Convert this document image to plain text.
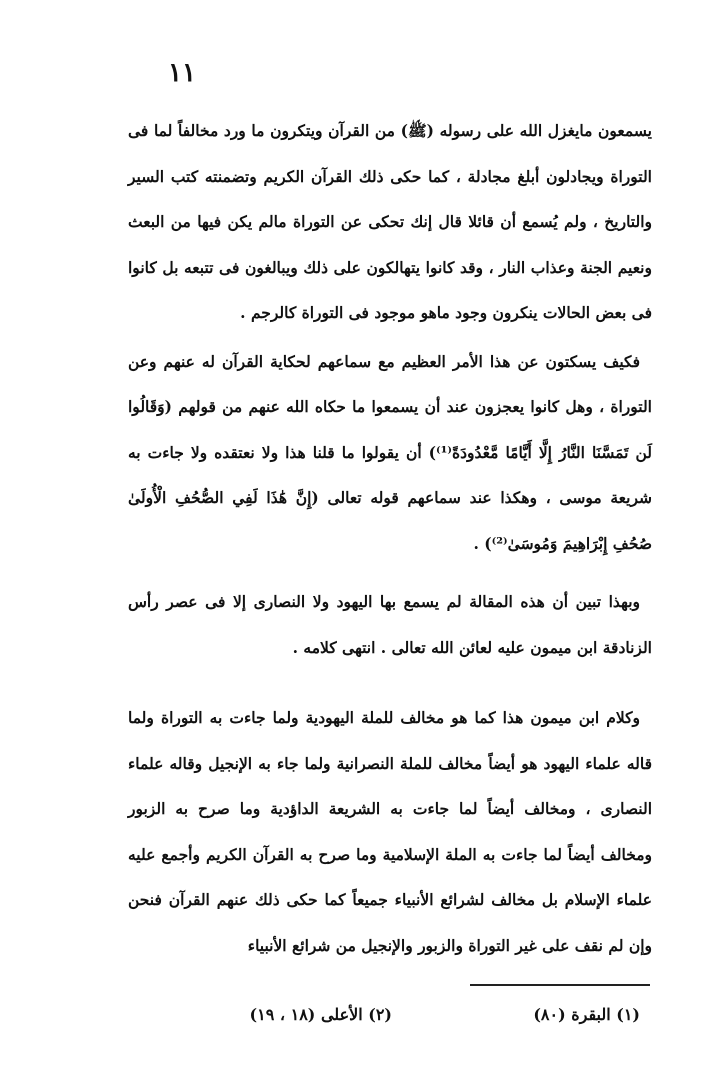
١١

يسمعون مايغزل الله على رسوله (ﷺ) من القرآن ويتكرون ما ورد مخالفاً لما فى التوراة ويجادلون أبلغ مجادلة ، كما حكى ذلك القرآن الكريم وتضمنته كتب السير والتاريخ ، ولم يُسمع أن قائلا قال إنك تحكى عن التوراة مالم يكن فيها من البعث ونعيم الجنة وعذاب النار ، وقد كانوا يتهالكون على ذلك ويبالغون فى تتبعه بل كانوا فى بعض الحالات ينكرون وجود ماهو موجود فى التوراة كالرجم .

فكيف يسكتون عن هذا الأمر العظيم مع سماعهم لحكاية القرآن له عنهم وعن التوراة ، وهل كانوا يعجزون عند أن يسمعوا ما حكاه الله عنهم من قولهم (وَقَالُوا لَن تَمَسَّنَا النَّارُ إِلَّا أَيَّامًا مَّعْدُودَةً⁽¹⁾) أن يقولوا ما قلنا هذا ولا نعتقده ولا جاءت به شريعة موسى ، وهكذا عند سماعهم قوله تعالى (إِنَّ هَٰذَا لَفِي الصُّحُفِ الْأُولَىٰ صُحُفِ إِبْرَاهِيمَ وَمُوسَىٰ⁽²⁾) .

وبهذا تبين أن هذه المقالة لم يسمع بها اليهود ولا النصارى إلا فى عصر رأس الزنادقة ابن ميمون عليه لعائن الله تعالى . انتهى كلامه .

وكلام ابن ميمون هذا كما هو مخالف للملة اليهودية ولما جاءت به التوراة ولما قاله علماء اليهود هو أيضاً مخالف للملة النصرانية ولما جاء به الإنجيل وقاله علماء النصارى ، ومخالف أيضاً لما جاءت به الشريعة الداؤدية وما صرح به الزبور ومخالف أيضاً لما جاءت به الملة الإسلامية وما صرح به القرآن الكريم وأجمع عليه علماء الإسلام بل مخالف لشرائع الأنبياء جميعاً كما حكى ذلك عنهم القرآن فنحن وإن لم نقف على غير التوراة والزبور والإنجيل من شرائع الأنبياء

(١) البقرة (٨٠)
(٢) الأعلى (١٨ ، ١٩)
